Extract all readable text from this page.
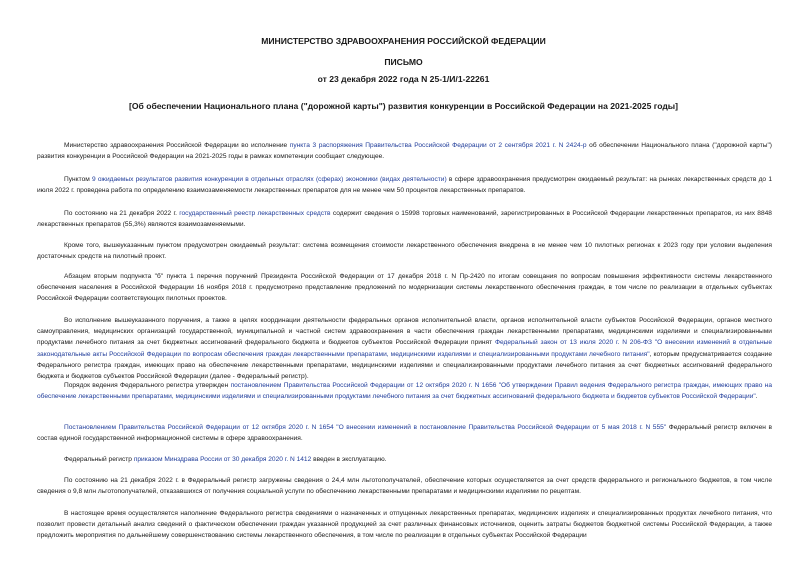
МИНИСТЕРСТВО ЗДРАВООХРАНЕНИЯ РОССИЙСКОЙ ФЕДЕРАЦИИ
ПИСЬМО
от 23 декабря 2022 года N 25-1/И/1-22261
[Об обеспечении Национального плана ("дорожной карты") развития конкуренции в Российской Федерации на 2021-2025 годы]
Министерство здравоохранения Российской Федерации во исполнение пункта 3 распоряжения Правительства Российской Федерации от 2 сентября 2021 г. N 2424-р об обеспечении Национального плана ("дорожной карты") развития конкуренции в Российской Федерации на 2021-2025 годы в рамках компетенции сообщает следующее.
Пунктом 9 ожидаемых результатов развития конкуренции в отдельных отраслях (сферах) экономики (видах деятельности) в сфере здравоохранения предусмотрен ожидаемый результат: на рынках лекарственных средств до 1 июля 2022 г. проведена работа по определению взаимозаменяемости лекарственных препаратов для не менее чем 50 процентов лекарственных препаратов.
По состоянию на 21 декабря 2022 г. государственный реестр лекарственных средств содержит сведения о 15998 торговых наименований, зарегистрированных в Российской Федерации лекарственных препаратов, из них 8848 лекарственных препаратов (55,3%) являются взаимозаменяемыми.
Кроме того, вышеуказанным пунктом предусмотрен ожидаемый результат: система возмещения стоимости лекарственного обеспечения внедрена в не менее чем 10 пилотных регионах к 2023 году при условии выделения достаточных средств на пилотный проект.
Абзацем вторым подпункта "б" пункта 1 перечня поручений Президента Российской Федерации от 17 декабря 2018 г. N Пр-2420 по итогам совещания по вопросам повышения эффективности системы лекарственного обеспечения населения в Российской Федерации 16 ноября 2018 г. предусмотрено представление предложений по модернизации системы лекарственного обеспечения граждан, в том числе по реализации в отдельных субъектах Российской Федерации соответствующих пилотных проектов.
Во исполнение вышеуказанного поручения, а также в целях координации деятельности федеральных органов исполнительной власти, органов исполнительной власти субъектов Российской Федерации, органов местного самоуправления, медицинских организаций государственной, муниципальной и частной систем здравоохранения в части обеспечения граждан лекарственными препаратами, медицинскими изделиями и специализированными продуктами лечебного питания за счет бюджетных ассигнований федерального бюджета и бюджетов субъектов Российской Федерации принят Федеральный закон от 13 июля 2020 г. N 206-ФЗ "О внесении изменений в отдельные законодательные акты Российской Федерации по вопросам обеспечения граждан лекарственными препаратами, медицинскими изделиями и специализированными продуктами лечебного питания", которым предусматривается создание Федерального регистра граждан, имеющих право на обеспечение лекарственными препаратами, медицинскими изделиями и специализированными продуктами лечебного питания за счет бюджетных ассигнований федерального бюджета и бюджетов субъектов Российской Федерации (далее - Федеральный регистр).
Порядок ведения Федерального регистра утвержден постановлением Правительства Российской Федерации от 12 октября 2020 г. N 1656 "Об утверждении Правил ведения Федерального регистра граждан, имеющих право на обеспечение лекарственными препаратами, медицинскими изделиями и специализированными продуктами лечебного питания за счет бюджетных ассигнований федерального бюджета и бюджетов субъектов Российской Федерации".
Постановлением Правительства Российской Федерации от 12 октября 2020 г. N 1654 "О внесении изменений в постановление Правительства Российской Федерации от 5 мая 2018 г. N 555" Федеральный регистр включен в состав единой государственной информационной системы в сфере здравоохранения.
Федеральный регистр приказом Минздрава России от 30 декабря 2020 г. N 1412 введен в эксплуатацию.
По состоянию на 21 декабря 2022 г. в Федеральный регистр загружены сведения о 24,4 млн льготополучателей, обеспечение которых осуществляется за счет средств федерального и регионального бюджетов, в том числе сведения о 9,8 млн льготополучателей, отказавшихся от получения социальной услуги по обеспечению лекарственными препаратами и медицинскими изделиями по рецептам.
В настоящее время осуществляется наполнение Федерального регистра сведениями о назначенных и отпущенных лекарственных препаратах, медицинских изделиях и специализированных продуктах лечебного питания, что позволит провести детальный анализ сведений о фактическом обеспечении граждан указанной продукцией за счет различных финансовых источников, оценить затраты бюджетов бюджетной системы Российской Федерации, а также предложить мероприятия по дальнейшему совершенствованию системы лекарственного обеспечения, в том числе по реализации в отдельных субъектах Российской Федерации
